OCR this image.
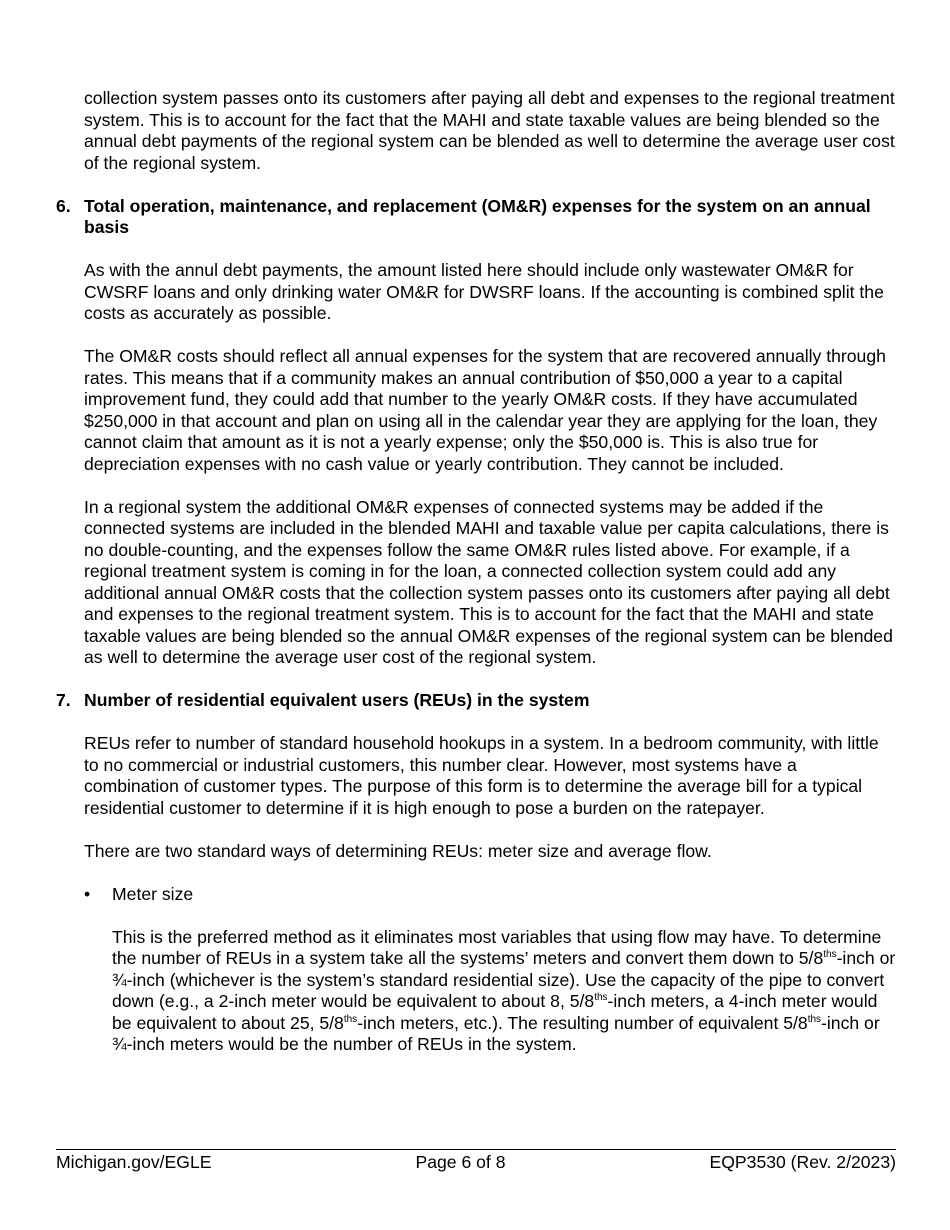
collection system passes onto its customers after paying all debt and expenses to the regional treatment system. This is to account for the fact that the MAHI and state taxable values are being blended so the annual debt payments of the regional system can be blended as well to determine the average user cost of the regional system.

6. Total operation, maintenance, and replacement (OM&R) expenses for the system on an annual basis

As with the annul debt payments, the amount listed here should include only wastewater OM&R for CWSRF loans and only drinking water OM&R for DWSRF loans. If the accounting is combined split the costs as accurately as possible.

The OM&R costs should reflect all annual expenses for the system that are recovered annually through rates. This means that if a community makes an annual contribution of $50,000 a year to a capital improvement fund, they could add that number to the yearly OM&R costs. If they have accumulated $250,000 in that account and plan on using all in the calendar year they are applying for the loan, they cannot claim that amount as it is not a yearly expense; only the $50,000 is. This is also true for depreciation expenses with no cash value or yearly contribution. They cannot be included.

In a regional system the additional OM&R expenses of connected systems may be added if the connected systems are included in the blended MAHI and taxable value per capita calculations, there is no double-counting, and the expenses follow the same OM&R rules listed above. For example, if a regional treatment system is coming in for the loan, a connected collection system could add any additional annual OM&R costs that the collection system passes onto its customers after paying all debt and expenses to the regional treatment system. This is to account for the fact that the MAHI and state taxable values are being blended so the annual OM&R expenses of the regional system can be blended as well to determine the average user cost of the regional system.

7. Number of residential equivalent users (REUs) in the system

REUs refer to number of standard household hookups in a system. In a bedroom community, with little to no commercial or industrial customers, this number clear. However, most systems have a combination of customer types. The purpose of this form is to determine the average bill for a typical residential customer to determine if it is high enough to pose a burden on the ratepayer.

There are two standard ways of determining REUs: meter size and average flow.

•	Meter size

This is the preferred method as it eliminates most variables that using flow may have. To determine the number of REUs in a system take all the systems’ meters and convert them down to $5/8^{ths}$-inch or ¾-inch (whichever is the system’s standard residential size). Use the capacity of the pipe to convert down (e.g., a 2-inch meter would be equivalent to about 8, $5/8^{ths}$-inch meters, a 4-inch meter would be equivalent to about 25, $5/8^{ths}$-inch meters, etc.). The resulting number of equivalent $5/8^{ths}$-inch or ¾-inch meters would be the number of REUs in the system.

Michigan.gov/EGLE	Page 6 of 8	EQP3530 (Rev. 2/2023)
